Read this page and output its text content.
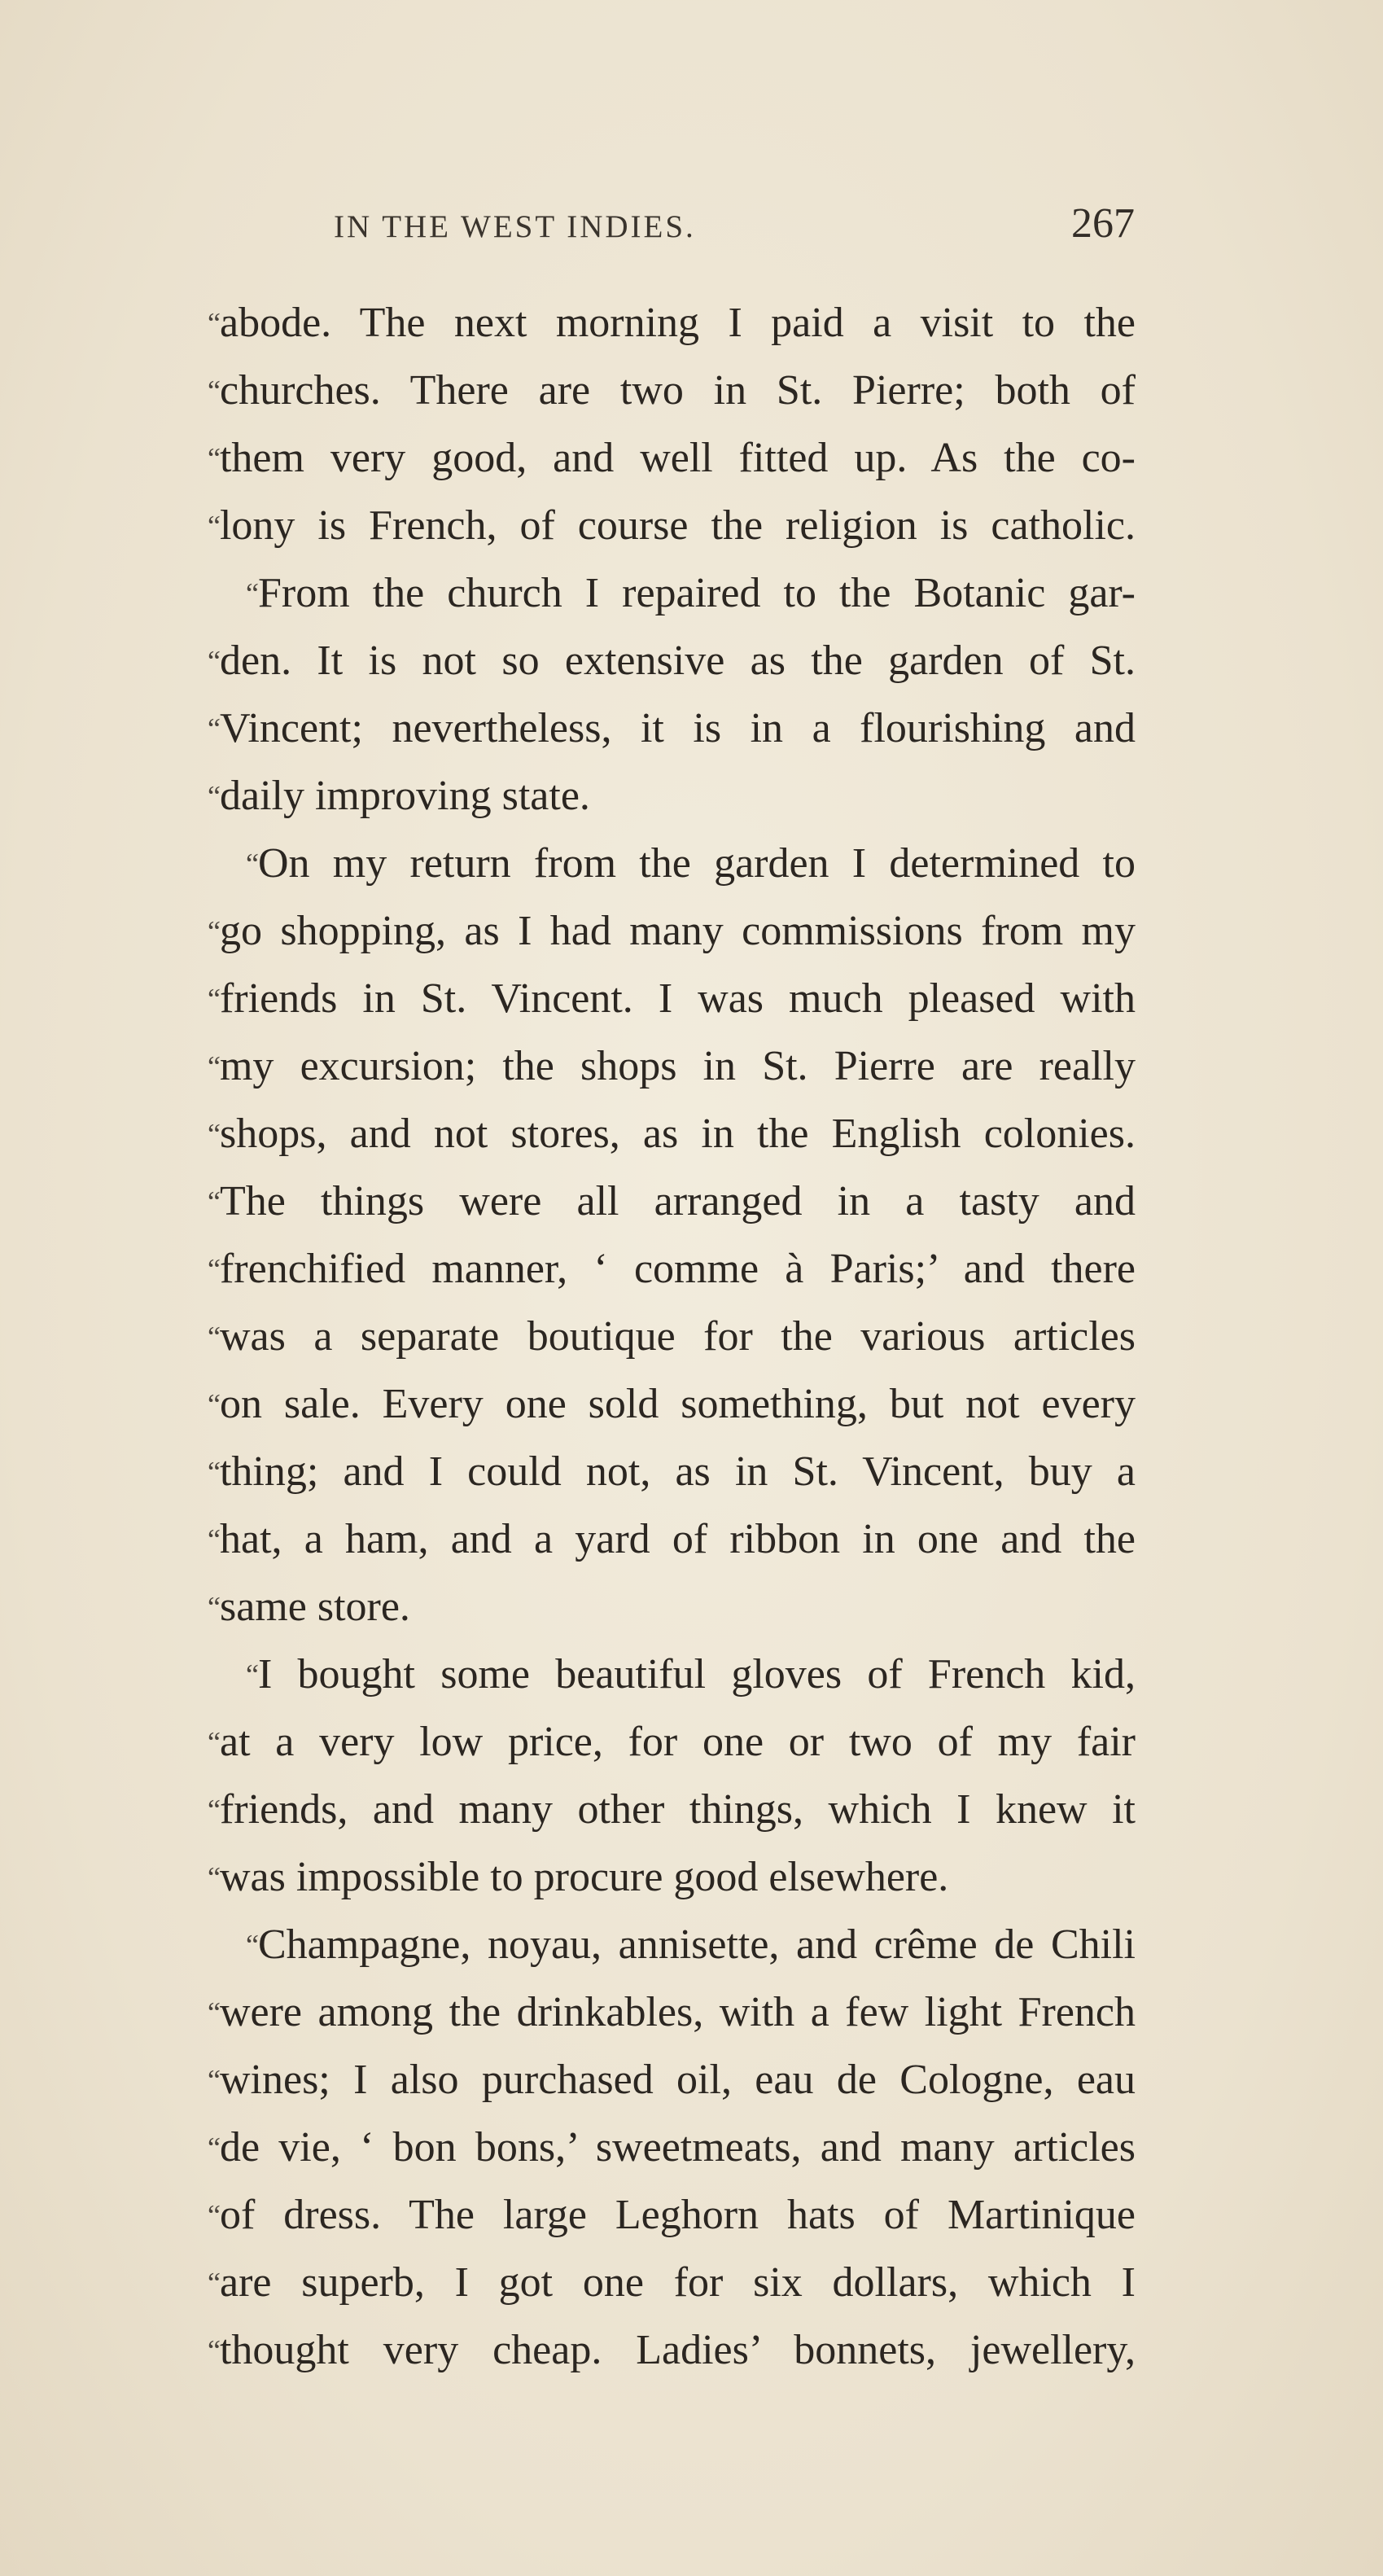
IN THE WEST INDIES.	267
“abode. The next morning I paid a visit to the
“churches. There are two in St. Pierre; both of
“them very good, and well fitted up. As the co-
“lony is French, of course the religion is catholic.
“From the church I repaired to the Botanic gar-
“den. It is not so extensive as the garden of St.
“Vincent; nevertheless, it is in a flourishing and
“daily improving state.
“On my return from the garden I determined to
“go shopping, as I had many commissions from my
“friends in St. Vincent. I was much pleased with
“my excursion; the shops in St. Pierre are really
“shops, and not stores, as in the English colonies.
“The things were all arranged in a tasty and
“frenchified manner, ‘ comme à Paris;’ and there
“was a separate boutique for the various articles
“on sale. Every one sold something, but not every
“thing; and I could not, as in St. Vincent, buy a
“hat, a ham, and a yard of ribbon in one and the
“same store.
“I bought some beautiful gloves of French kid,
“at a very low price, for one or two of my fair
“friends, and many other things, which I knew it
“was impossible to procure good elsewhere.
“Champagne, noyau, annisette, and crême de Chili
“were among the drinkables, with a few light French
“wines; I also purchased oil, eau de Cologne, eau
“de vie, ‘ bon bons,’ sweetmeats, and many articles
“of dress. The large Leghorn hats of Martinique
“are superb, I got one for six dollars, which I
“thought very cheap. Ladies’ bonnets, jewellery,
